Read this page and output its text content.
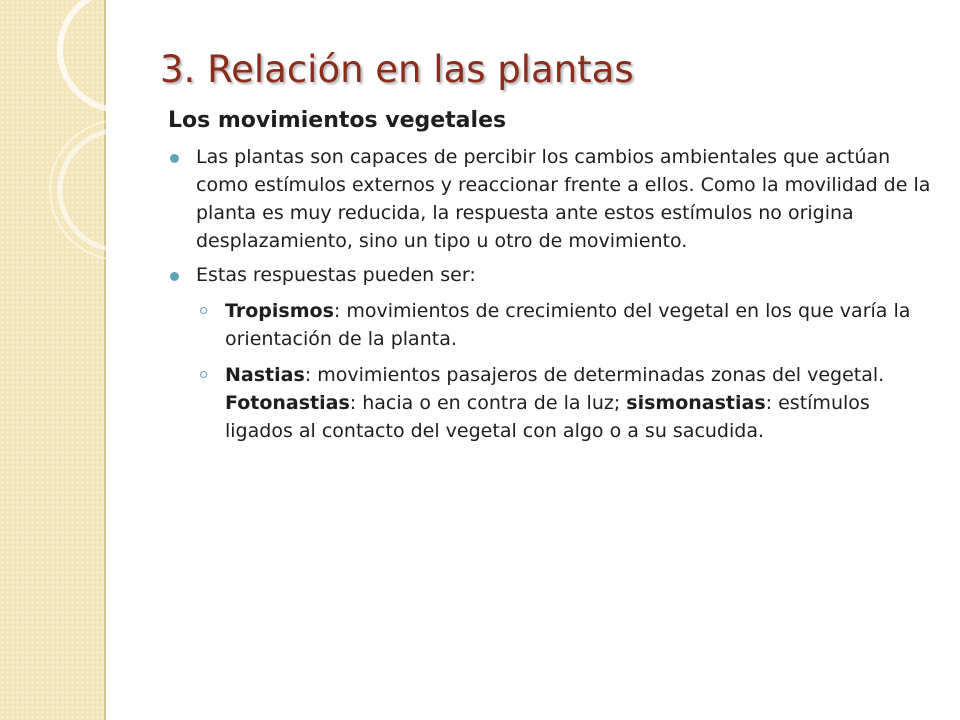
3. Relación en las plantas
Los movimientos vegetales
Las plantas son capaces de percibir los cambios ambientales que actúan como estímulos externos y reaccionar frente a ellos. Como la movilidad de la planta es muy reducida, la respuesta ante estos estímulos no origina desplazamiento, sino un tipo u otro de movimiento.
Estas respuestas pueden ser:
Tropismos: movimientos de crecimiento del vegetal en los que varía la orientación de la planta.
Nastias: movimientos pasajeros de determinadas zonas del vegetal. Fotonastias: hacia o en contra de la luz; sismonastias: estímulos ligados al contacto del vegetal con algo o a su sacudida.
